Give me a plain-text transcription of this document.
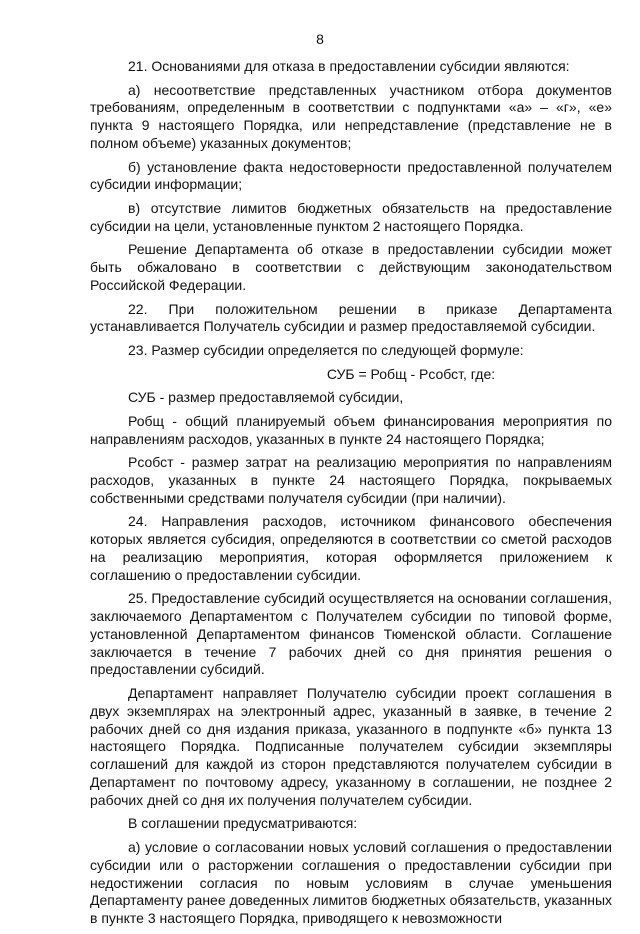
8

21. Основаниями для отказа в предоставлении субсидии являются:

а) несоответствие представленных участником отбора документов требованиям, определенным в соответствии с подпунктами «а» – «г», «е» пункта 9 настоящего Порядка, или непредставление (представление не в полном объеме) указанных документов;

б) установление факта недостоверности предоставленной получателем субсидии информации;

в) отсутствие лимитов бюджетных обязательств на предоставление субсидии на цели, установленные пунктом 2 настоящего Порядка.

Решение Департамента об отказе в предоставлении субсидии может быть обжаловано в соответствии с действующим законодательством Российской Федерации.

22. При положительном решении в приказе Департамента устанавливается Получатель субсидии и размер предоставляемой субсидии.

23. Размер субсидии определяется по следующей формуле:

СУБ = Робщ - Рсобст, где:

СУБ - размер предоставляемой субсидии,

Робщ - общий планируемый объем финансирования мероприятия по направлениям расходов, указанных в пункте 24 настоящего Порядка;

Рсобст - размер затрат на реализацию мероприятия по направлениям расходов, указанных в пункте 24 настоящего Порядка, покрываемых собственными средствами получателя субсидии (при наличии).

24. Направления расходов, источником финансового обеспечения которых является субсидия, определяются в соответствии со сметой расходов на реализацию мероприятия, которая оформляется приложением к соглашению о предоставлении субсидии.

25. Предоставление субсидий осуществляется на основании соглашения, заключаемого Департаментом с Получателем субсидии по типовой форме, установленной Департаментом финансов Тюменской области. Соглашение заключается в течение 7 рабочих дней со дня принятия решения о предоставлении субсидий.

Департамент направляет Получателю субсидии проект соглашения в двух экземплярах на электронный адрес, указанный в заявке, в течение 2 рабочих дней со дня издания приказа, указанного в подпункте «б» пункта 13 настоящего Порядка. Подписанные получателем субсидии экземпляры соглашений для каждой из сторон представляются получателем субсидии в Департамент по почтовому адресу, указанному в соглашении, не позднее 2 рабочих дней со дня их получения получателем субсидии.

В соглашении предусматриваются:

а) условие о согласовании новых условий соглашения о предоставлении субсидии или о расторжении соглашения о предоставлении субсидии при недостижении согласия по новым условиям в случае уменьшения Департаменту ранее доведенных лимитов бюджетных обязательств, указанных в пункте 3 настоящего Порядка, приводящего к невозможности
